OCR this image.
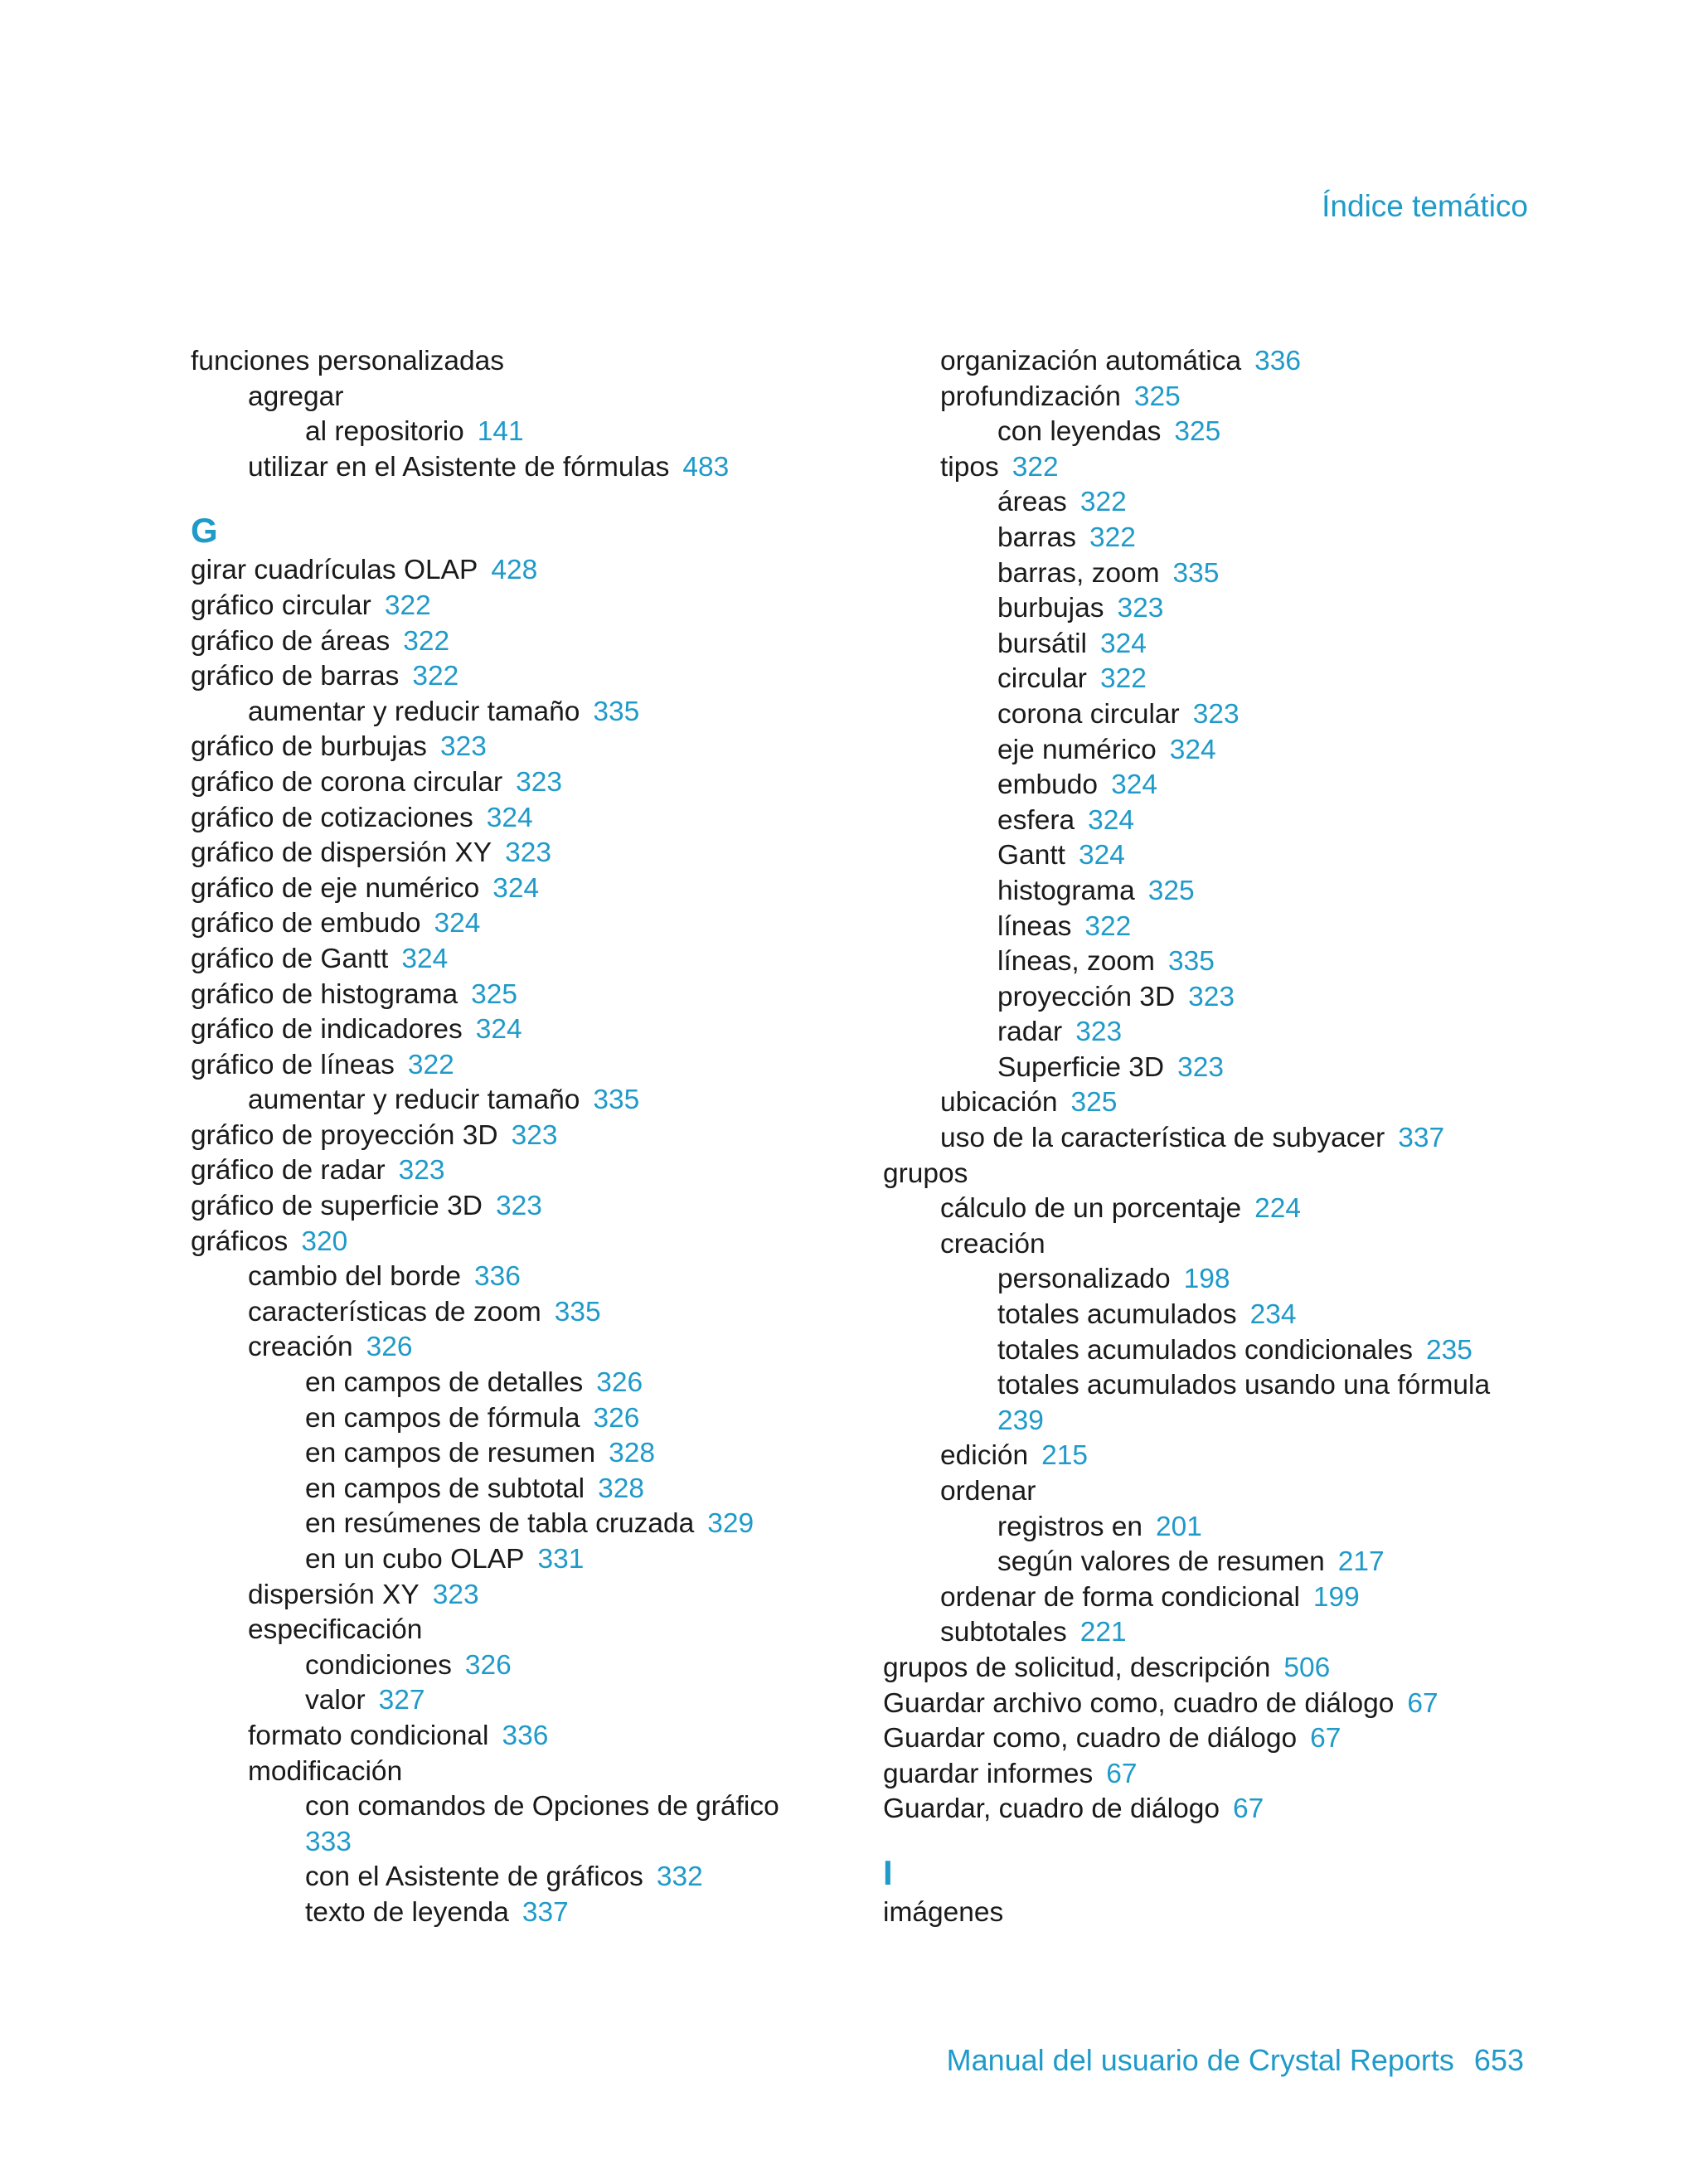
Índice temático
funciones personalizadas
agregar
al repositorio 141
utilizar en el Asistente de fórmulas 483
G
girar cuadrículas OLAP 428
gráfico circular 322
gráfico de áreas 322
gráfico de barras 322
aumentar y reducir tamaño 335
gráfico de burbujas 323
gráfico de corona circular 323
gráfico de cotizaciones 324
gráfico de dispersión XY 323
gráfico de eje numérico 324
gráfico de embudo 324
gráfico de Gantt 324
gráfico de histograma 325
gráfico de indicadores 324
gráfico de líneas 322
aumentar y reducir tamaño 335
gráfico de proyección 3D 323
gráfico de radar 323
gráfico de superficie 3D 323
gráficos 320
cambio del borde 336
características de zoom 335
creación 326
en campos de detalles 326
en campos de fórmula 326
en campos de resumen 328
en campos de subtotal 328
en resúmenes de tabla cruzada 329
en un cubo OLAP 331
dispersión XY 323
especificación
condiciones 326
valor 327
formato condicional 336
modificación
con comandos de Opciones de gráfico
333
con el Asistente de gráficos 332
texto de leyenda 337
organización automática 336
profundización 325
con leyendas 325
tipos 322
áreas 322
barras 322
barras, zoom 335
burbujas 323
bursátil 324
circular 322
corona circular 323
eje numérico 324
embudo 324
esfera 324
Gantt 324
histograma 325
líneas 322
líneas, zoom 335
proyección 3D 323
radar 323
Superficie 3D 323
ubicación 325
uso de la característica de subyacer 337
grupos
cálculo de un porcentaje 224
creación
personalizado 198
totales acumulados 234
totales acumulados condicionales 235
totales acumulados usando una fórmula
239
edición 215
ordenar
registros en 201
según valores de resumen 217
ordenar de forma condicional 199
subtotales 221
grupos de solicitud, descripción 506
Guardar archivo como, cuadro de diálogo 67
Guardar como, cuadro de diálogo 67
guardar informes 67
Guardar, cuadro de diálogo 67
I
imágenes
Manual del usuario de Crystal Reports 653
